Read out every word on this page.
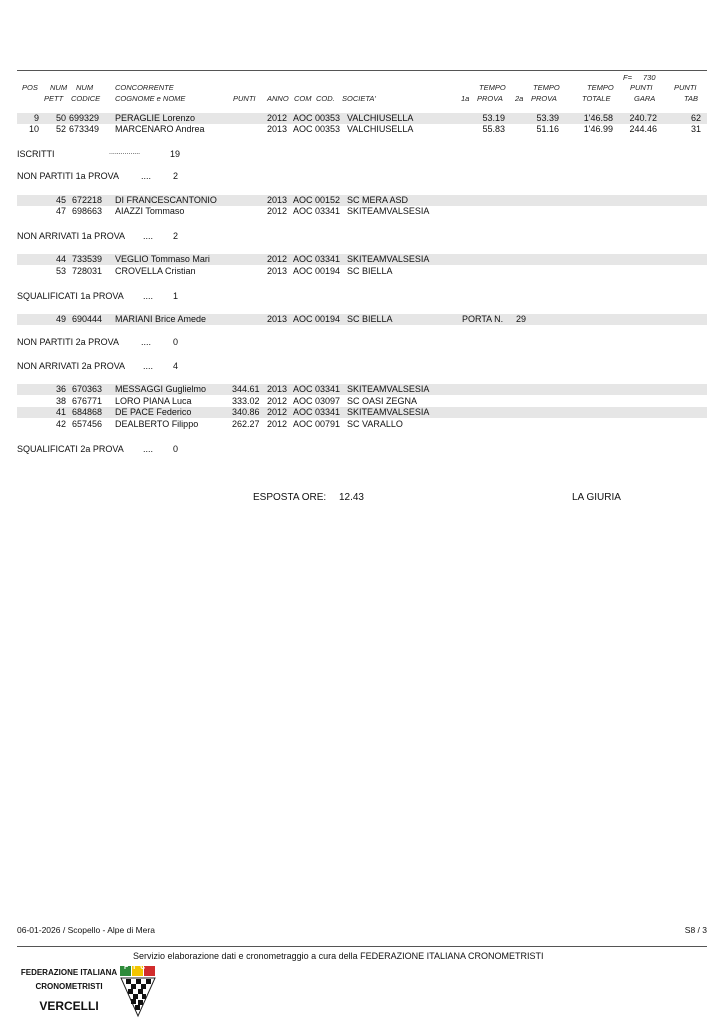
F= 730
POS NUM NUM	CONCORRENTE	TEMPO	TEMPO	TEMPO PUNTI	PUNTI
PETT CODICE COGNOME e NOME	PUNTI ANNO COM COD. SOCIETA'	1a PROVA 2a PROVA	TOTALE	GARA	TAB
9	50 699329 PERAGLIE Lorenzo	2012 AOC 00353 VALCHIUSELLA	53.19	53.39	1'46.58	240.72	62
10	52 673349 MARCENARO Andrea	2013 AOC 00353 VALCHIUSELLA	55.83	51.16	1'46.99	244.46	31
ISCRITTI	................	19
NON PARTITI 1a PROVA .... 2
45 672218 DI FRANCESCANTONIO	2013 AOC 00152 SC MERA ASD
47 698663 AIAZZI Tommaso	2012 AOC 03341 SKITEAMVALSESIA
NON ARRIVATI 1a PROVA .... 2
44 733539 VEGLIO Tommaso Mari	2012 AOC 03341 SKITEAMVALSESIA
53 728031 CROVELLA Cristian	2013 AOC 00194 SC BIELLA
SQUALIFICATI 1a PROVA .... 1
49 690444 MARIANI Brice Amede	2013 AOC 00194 SC BIELLA	PORTA N. 29
NON PARTITI 2a PROVA .... 0
NON ARRIVATI 2a PROVA .... 4
36 670363 MESSAGGI Guglielmo	344.61 2013 AOC 03341 SKITEAMVALSESIA
38 676771 LORO PIANA Luca	333.02 2012 AOC 03097 SC OASI ZEGNA
41 684868 DE PACE Federico	340.86 2012 AOC 03341 SKITEAMVALSESIA
42 657456 DEALBERTO Filippo	262.27 2012 AOC 00791 SC VARALLO
SQUALIFICATI 2a PROVA .... 0
ESPOSTA ORE: 12.43	LA GIURIA
06-01-2026 / Scopello - Alpe di Mera	S8 / 3
Servizio elaborazione dati e cronometraggio a cura della FEDERAZIONE ITALIANA CRONOMETRISTI
FEDERAZIONE ITALIANA
CRONOMETRISTI
VERCELLI
FIC
